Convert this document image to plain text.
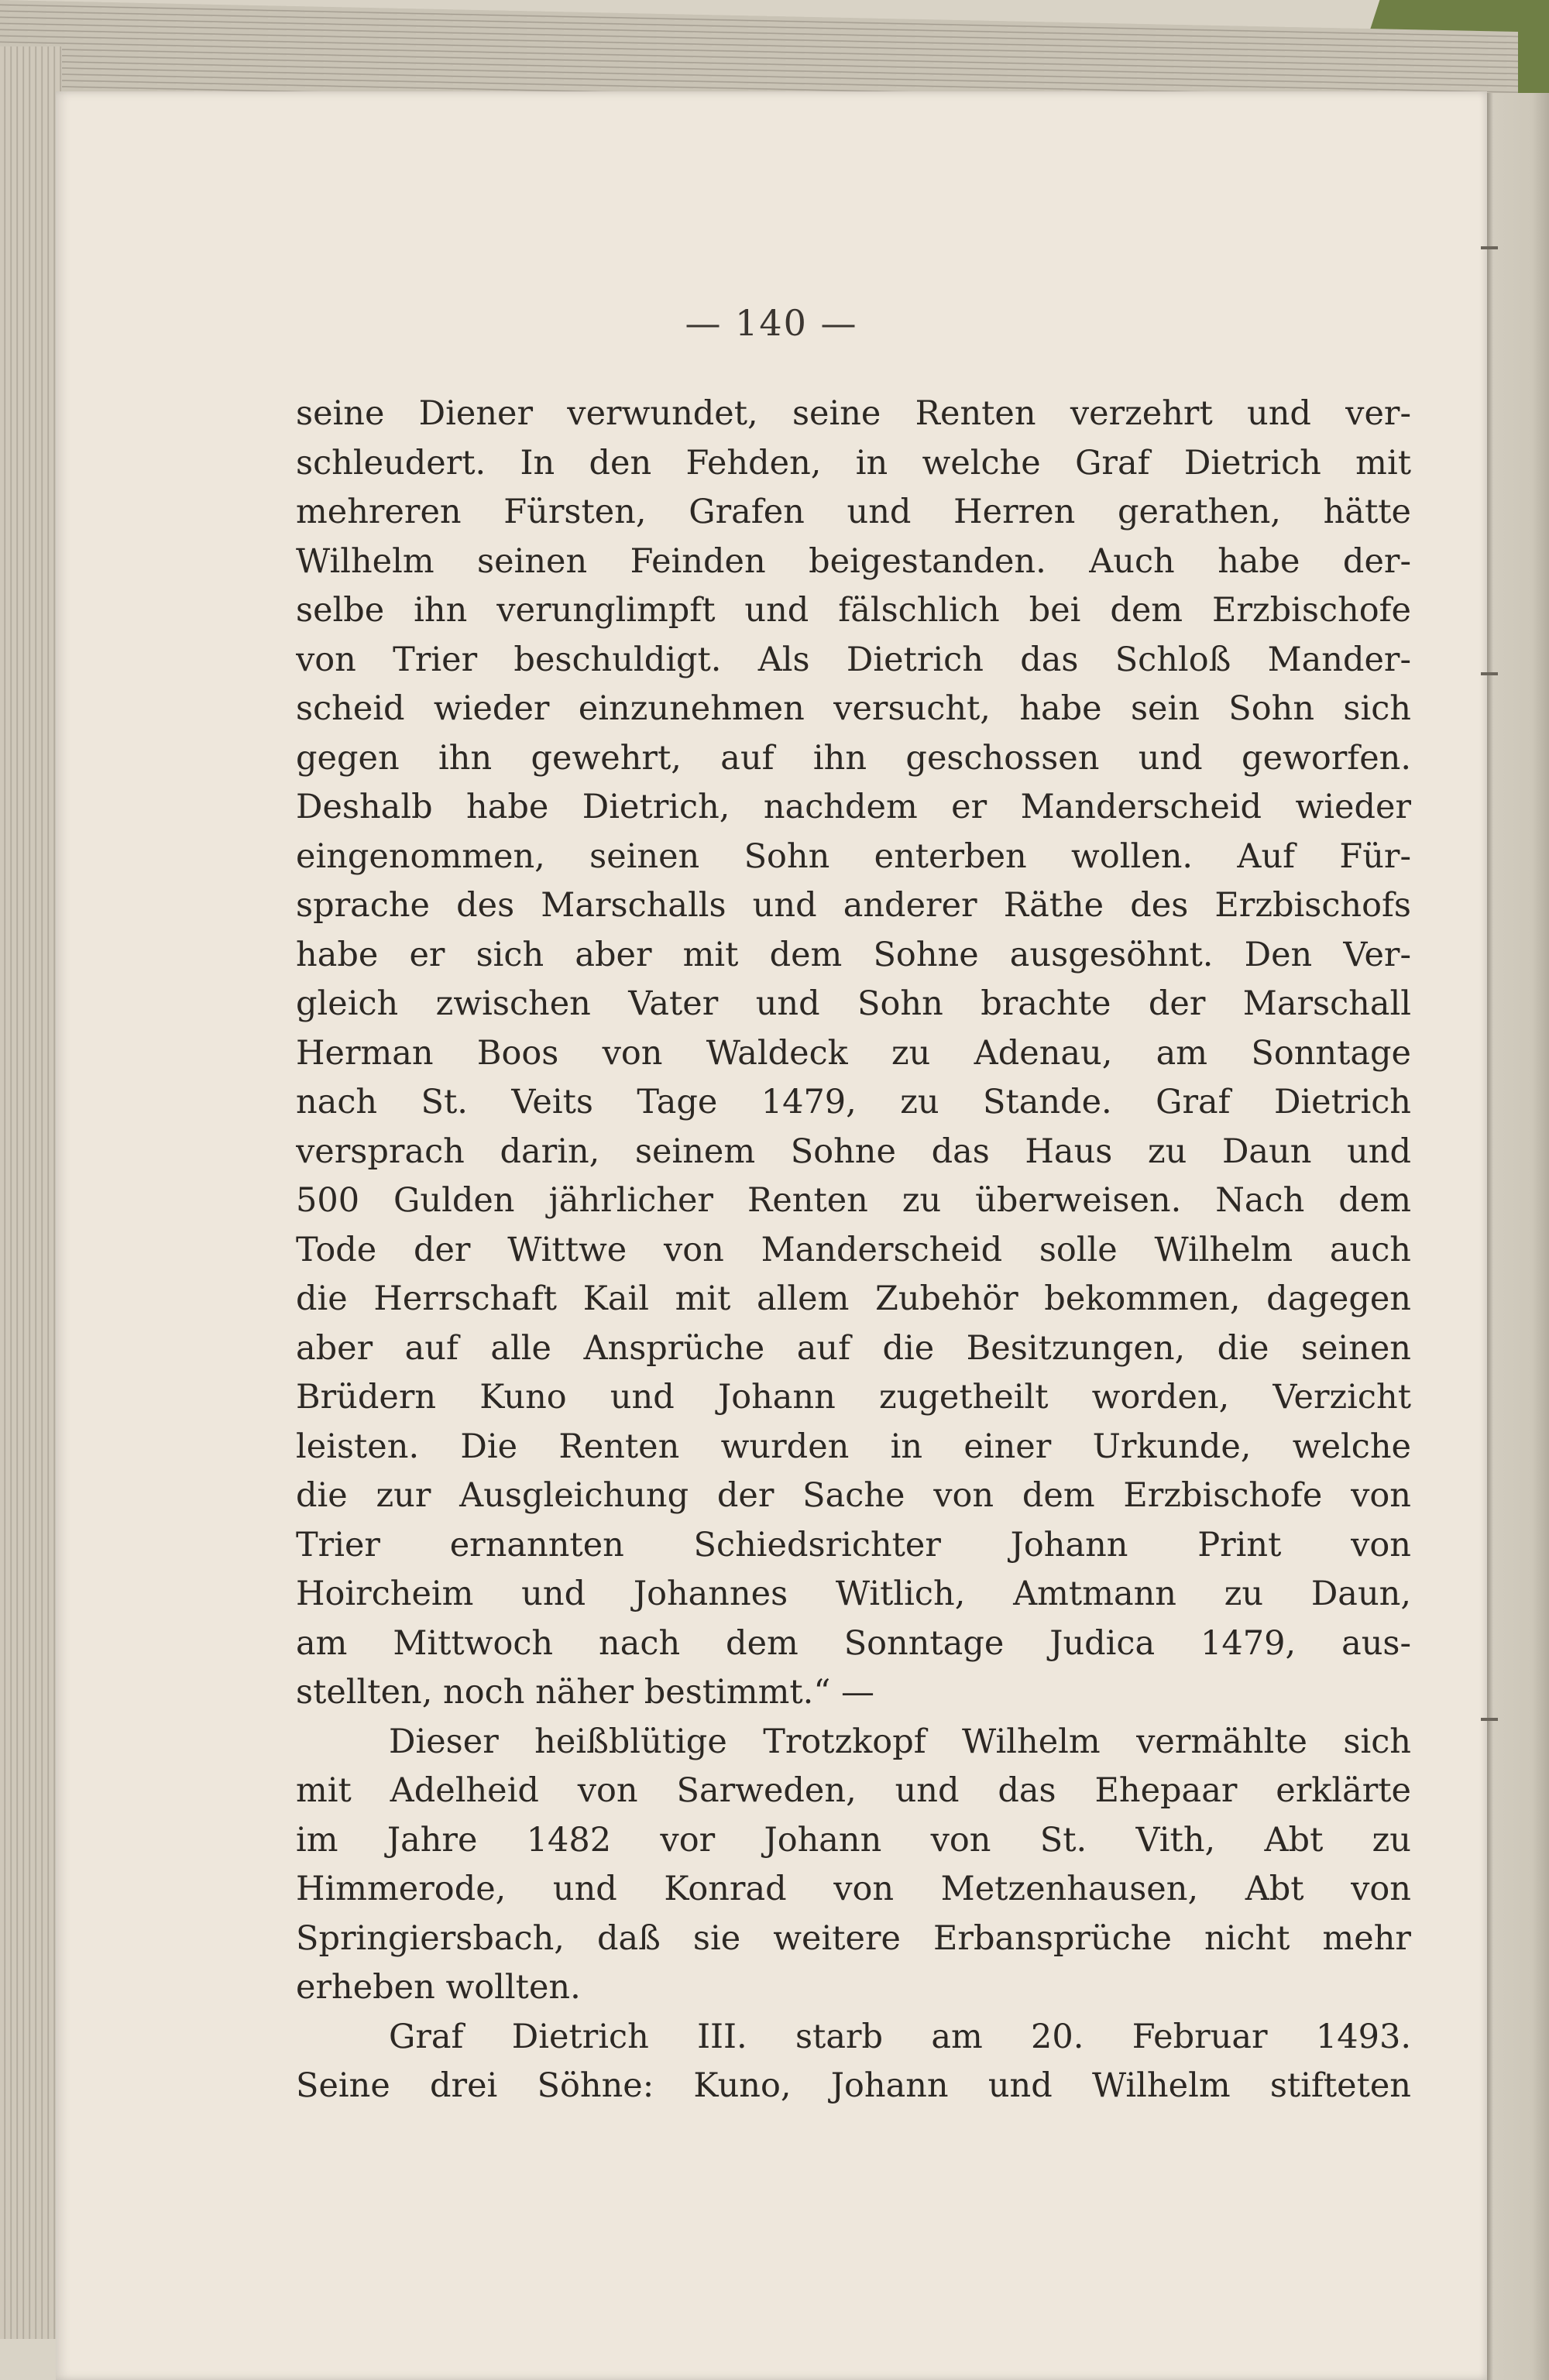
— 140 —
seine Diener verwundet, seine Renten verzehrt und ver-
schleudert. In den Fehden, in welche Graf Dietrich mit
mehreren Fürsten, Grafen und Herren gerathen, hätte
Wilhelm seinen Feinden beigestanden. Auch habe der-
selbe ihn verunglimpft und fälschlich bei dem Erzbischofe
von Trier beschuldigt. Als Dietrich das Schloß Mander-
scheid wieder einzunehmen versucht, habe sein Sohn sich
gegen ihn gewehrt, auf ihn geschossen und geworfen.
Deshalb habe Dietrich, nachdem er Manderscheid wieder
eingenommen, seinen Sohn enterben wollen. Auf Für-
sprache des Marschalls und anderer Räthe des Erzbischofs
habe er sich aber mit dem Sohne ausgesöhnt. Den Ver-
gleich zwischen Vater und Sohn brachte der Marschall
Herman Boos von Waldeck zu Adenau, am Sonntage
nach St. Veits Tage 1479, zu Stande. Graf Dietrich
versprach darin, seinem Sohne das Haus zu Daun und
500 Gulden jährlicher Renten zu überweisen. Nach dem
Tode der Wittwe von Manderscheid solle Wilhelm auch
die Herrschaft Kail mit allem Zubehör bekommen, dagegen
aber auf alle Ansprüche auf die Besitzungen, die seinen
Brüdern Kuno und Johann zugetheilt worden, Verzicht
leisten. Die Renten wurden in einer Urkunde, welche
die zur Ausgleichung der Sache von dem Erzbischofe von
Trier ernannten Schiedsrichter Johann Print von
Hoircheim und Johannes Witlich, Amtmann zu Daun,
am Mittwoch nach dem Sonntage Judica 1479, aus-
stellten, noch näher bestimmt.“ —
Dieser heißblütige Trotzkopf Wilhelm vermählte sich
mit Adelheid von Sarweden, und das Ehepaar erklärte
im Jahre 1482 vor Johann von St. Vith, Abt zu
Himmerode, und Konrad von Metzenhausen, Abt von
Springiersbach, daß sie weitere Erbansprüche nicht mehr
erheben wollten.
Graf Dietrich III. starb am 20. Februar 1493.
Seine drei Söhne: Kuno, Johann und Wilhelm stifteten
